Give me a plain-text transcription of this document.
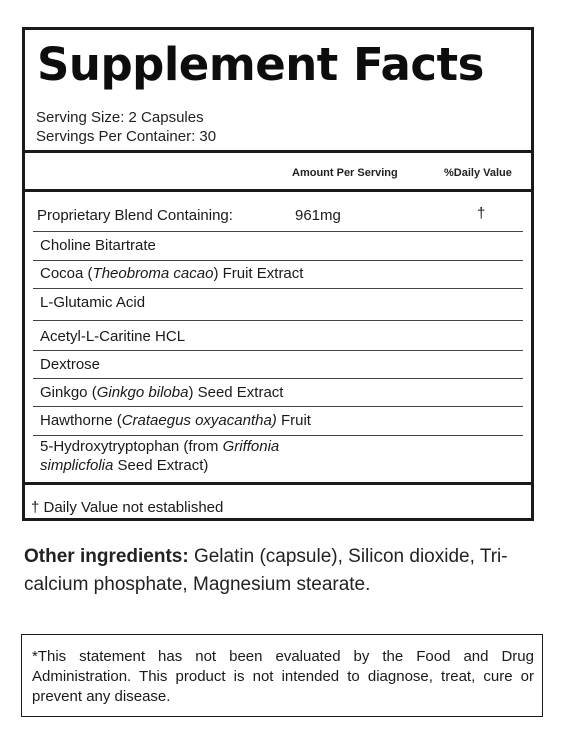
Supplement Facts
Serving Size: 2 Capsules
Servings Per Container: 30
Amount Per Serving	%Daily Value
Proprietary Blend Containing:	961mg	†
Choline Bitartrate
Cocoa (Theobroma cacao) Fruit Extract
L-Glutamic Acid
Acetyl-L-Caritine HCL
Dextrose
Ginkgo (Ginkgo biloba) Seed Extract
Hawthorne (Crataegus oxyacantha) Fruit
5-Hydroxytryptophan (from Griffonia simplicfolia Seed Extract)
† Daily Value not established
Other ingredients: Gelatin (capsule), Silicon dioxide, Tri-calcium phosphate, Magnesium stearate.
*This statement has not been evaluated by the Food and Drug Administration. This product is not intended to diagnose, treat, cure or prevent any disease.
